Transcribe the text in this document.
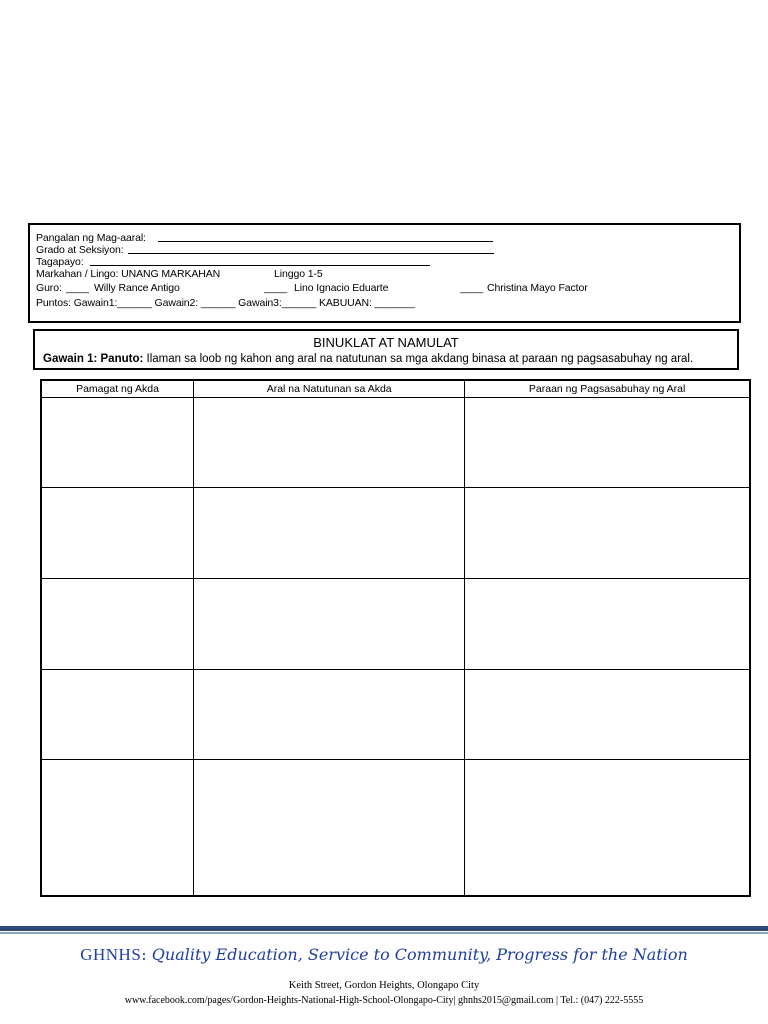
Pangalan ng Mag-aaral:
Grado at Seksiyon:
Tagapayo:
Markahan / Lingo: UNANG MARKAHAN	Linggo 1-5
Guro: ____ Willy Rance Antigo	____ Lino Ignacio Eduarte	____ Christina Mayo Factor
Puntos: Gawain1:______ Gawain2: ______ Gawain3:______ KABUUAN: _______
BINUKLAT AT NAMULAT
Gawain 1: Panuto: Ilaman sa loob ng kahon ang aral na natutunan sa mga akdang binasa at paraan ng pagsasabuhay ng aral.
Pamagat ng Akda	Aral na Natutunan sa Akda	Paraan ng Pagsasabuhay ng Aral

GHNHS: Quality Education, Service to Community, Progress for the Nation
Keith Street, Gordon Heights, Olongapo City
www.facebook.com/pages/Gordon-Heights-National-High-School-Olongapo-City| ghnhs2015@gmail.com | Tel.: (047) 222-5555
